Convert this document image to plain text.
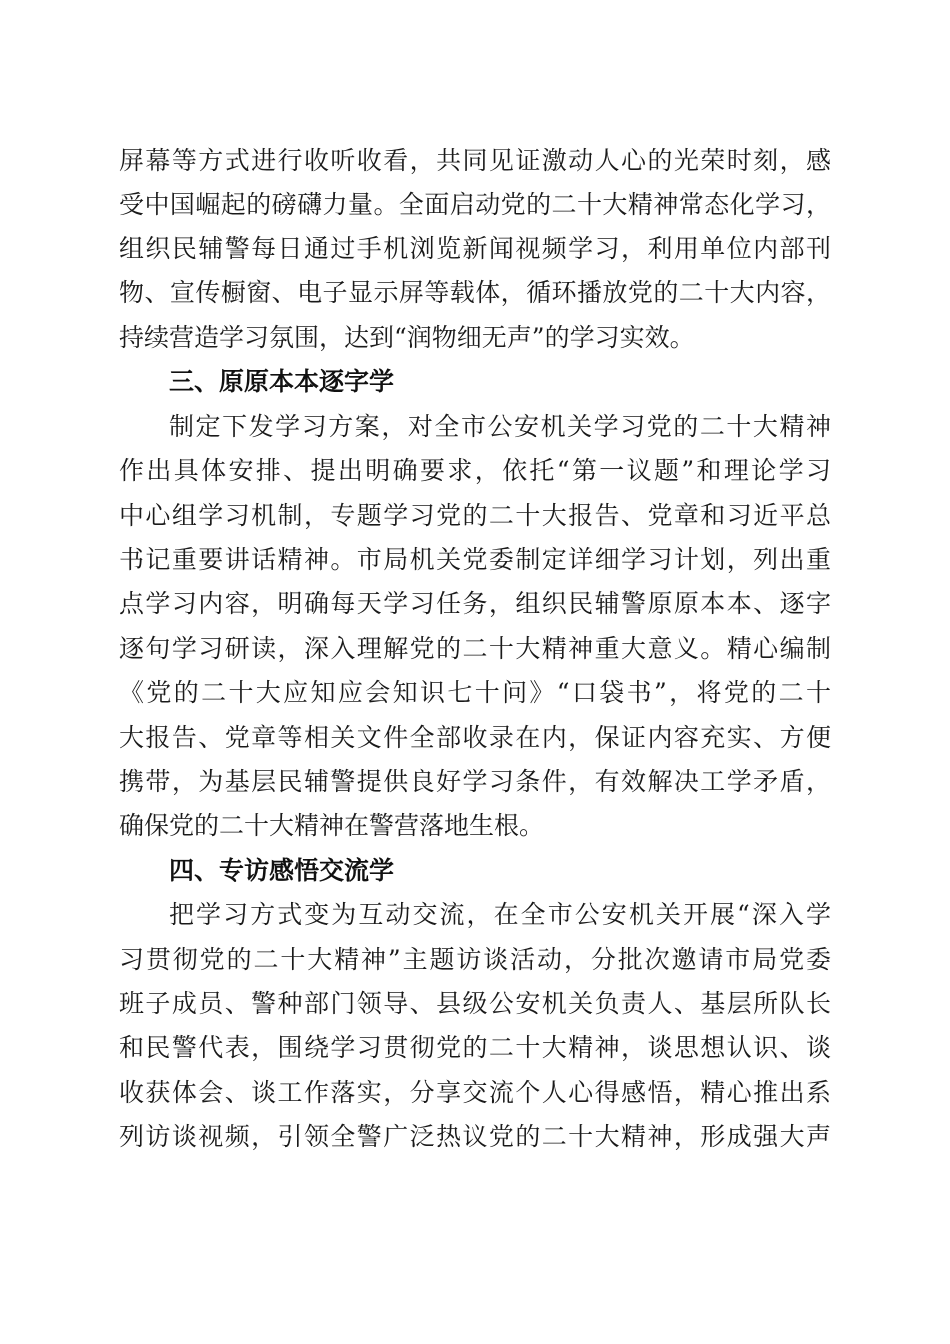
屏幕等方式进行收听收看，共同见证激动人心的光荣时刻，感
受中国崛起的磅礴力量。全面启动党的二十大精神常态化学习，
组织民辅警每日通过手机浏览新闻视频学习，利用单位内部刊
物、宣传橱窗、电子显示屏等载体，循环播放党的二十大内容，
持续营造学习氛围，达到“润物细无声”的学习实效。
三、原原本本逐字学
制定下发学习方案，对全市公安机关学习党的二十大精神
作出具体安排、提出明确要求，依托“第一议题”和理论学习
中心组学习机制，专题学习党的二十大报告、党章和习近平总
书记重要讲话精神。市局机关党委制定详细学习计划，列出重
点学习内容，明确每天学习任务，组织民辅警原原本本、逐字
逐句学习研读，深入理解党的二十大精神重大意义。精心编制
《党的二十大应知应会知识七十问》“口袋书”，将党的二十
大报告、党章等相关文件全部收录在内，保证内容充实、方便
携带，为基层民辅警提供良好学习条件，有效解决工学矛盾，
确保党的二十大精神在警营落地生根。
四、专访感悟交流学
把学习方式变为互动交流，在全市公安机关开展“深入学
习贯彻党的二十大精神”主题访谈活动，分批次邀请市局党委
班子成员、警种部门领导、县级公安机关负责人、基层所队长
和民警代表，围绕学习贯彻党的二十大精神，谈思想认识、谈
收获体会、谈工作落实，分享交流个人心得感悟，精心推出系
列访谈视频，引领全警广泛热议党的二十大精神，形成强大声
